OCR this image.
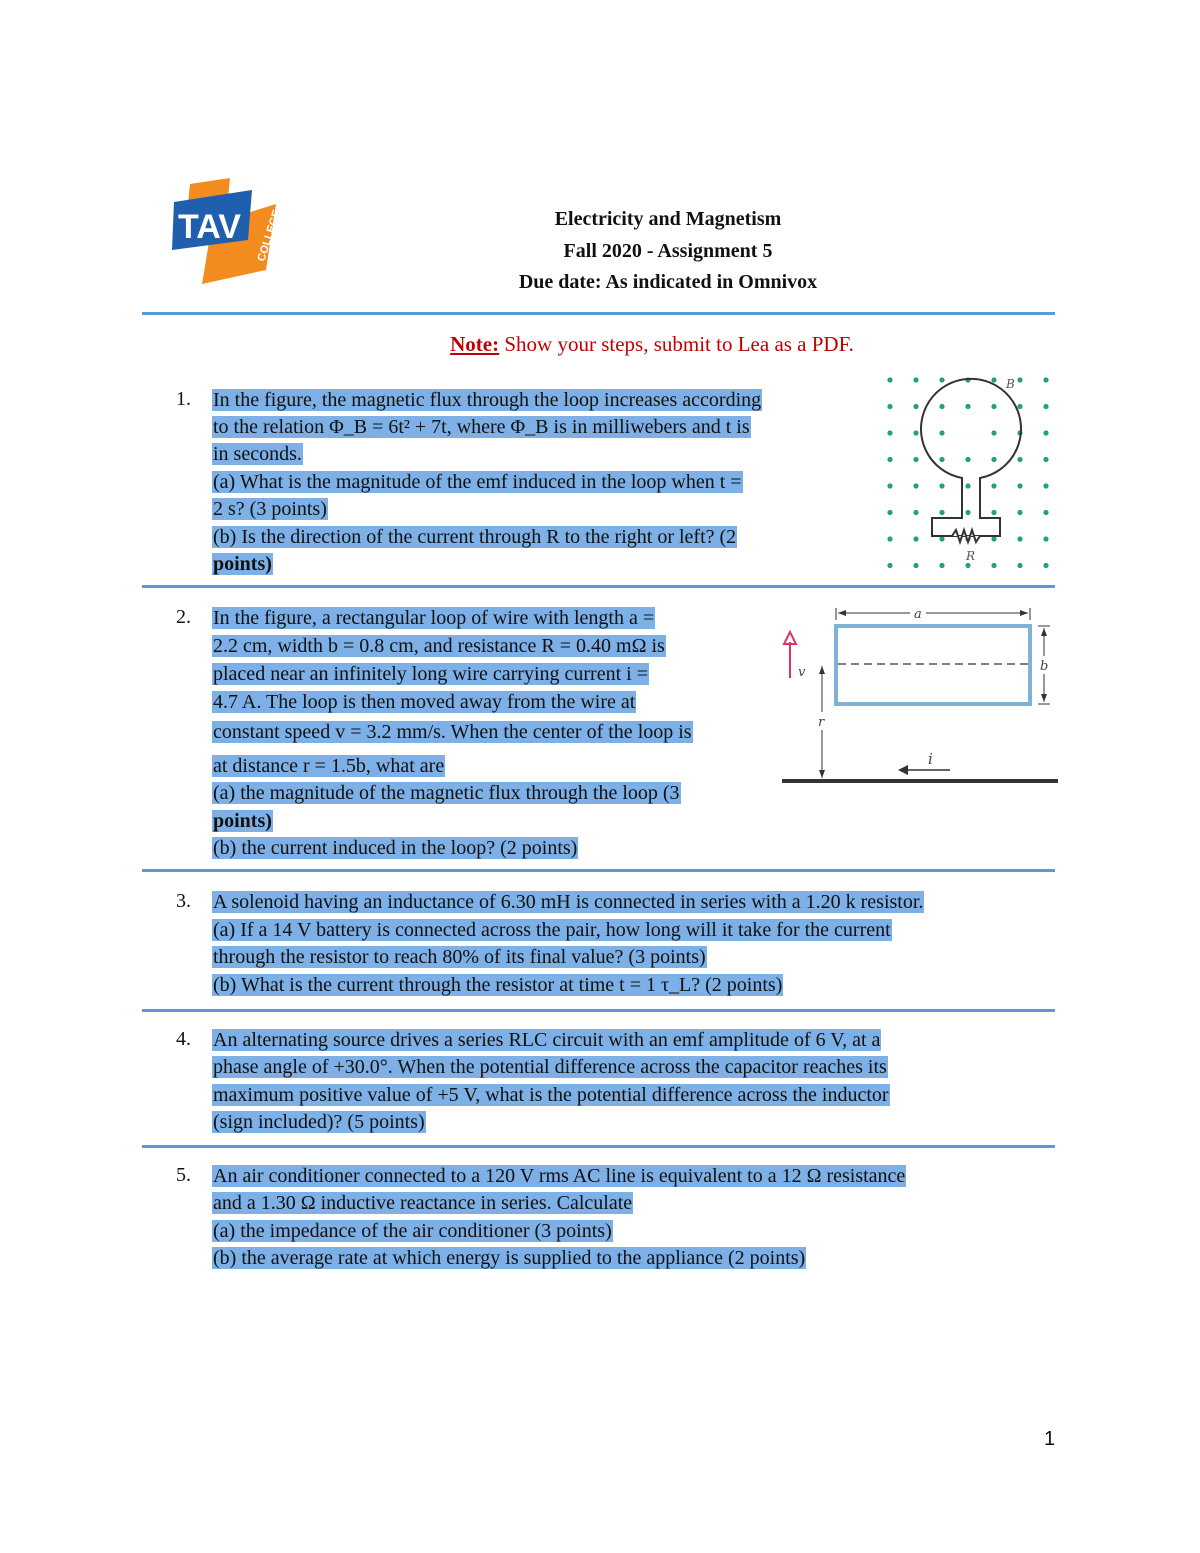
TAV COLLEGE	Electricity and Magnetism
Fall 2020 - Assignment 5
Due date: As indicated in Omnivox
Note: Show your steps, submit to Lea as a PDF.
1. In the figure, the magnetic flux through the loop increases according
to the relation Φ_B = 6t² + 7t, where Φ_B is in milliwebers and t is
in seconds.
(a) What is the magnitude of the emf induced in the loop when t =
2 s? (3 points)
(b) Is the direction of the current through R to the right or left? (2
points)	R
B
2. In the figure, a rectangular loop of wire with length a =
2.2 cm, width b = 0.8 cm, and resistance R = 0.40 mΩ is
placed near an infinitely long wire carrying current i =
4.7 A. The loop is then moved away from the wire at
constant speed v = 3.2 mm/s. When the center of the loop is
at distance r = 1.5b, what are
(a) the magnitude of the magnetic flux through the loop (3
points)
(b) the current induced in the loop? (2 points)
a
b
v
r
i
3. A solenoid having an inductance of 6.30 mH is connected in series with a 1.20 k resistor.
(a) If a 14 V battery is connected across the pair, how long will it take for the current
through the resistor to reach 80% of its final value? (3 points)
(b) What is the current through the resistor at time t = 1 τ_L? (2 points)
4. An alternating source drives a series RLC circuit with an emf amplitude of 6 V, at a
phase angle of +30.0°. When the potential difference across the capacitor reaches its
maximum positive value of +5 V, what is the potential difference across the inductor
(sign included)? (5 points)
5. An air conditioner connected to a 120 V rms AC line is equivalent to a 12 Ω resistance
and a 1.30 Ω inductive reactance in series. Calculate
(a) the impedance of the air conditioner (3 points)
(b) the average rate at which energy is supplied to the appliance (2 points)
1
